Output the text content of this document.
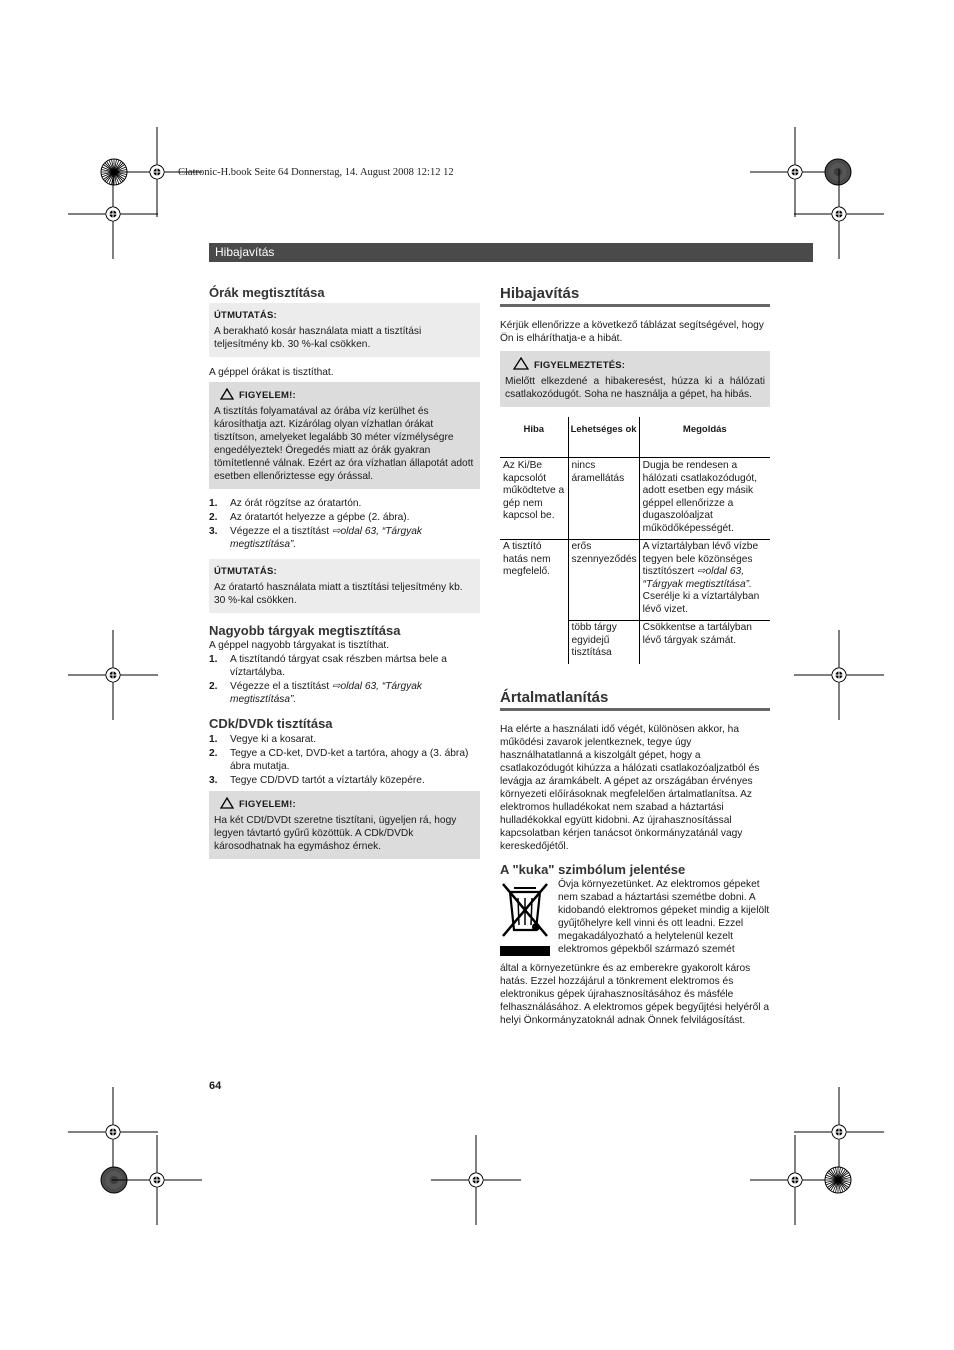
Clatronic-H.book Seite 64 Donnerstag, 14. August 2008 12:12 12
Hibajavítás
Órák megtisztítása
ÚTMUTATÁS:
A berakható kosár használata miatt a tisztítási teljesítmény kb. 30 %-kal csökken.

A géppel órákat is tisztíthat.

FIGYELEM!:
A tisztítás folyamatával az órába víz kerülhet és károsíthatja azt. Kizárólag olyan vízhatlan órákat tisztítson, amelyeket legalább 30 méter vízmélységre engedélyeztek! Öregedés miatt az órák gyakran tömítetlenné válnak. Ezért az óra vízhatlan állapotát adott esetben ellenőriztesse egy órással.
1. Az órát rögzítse az óratartón.
2. Az óratartót helyezze a gépbe (2. ábra).
3. Végezze el a tisztítást ⇨oldal 63, “Tárgyak megtisztítása”.
ÚTMUTATÁS:
Az óratartó használata miatt a tisztítási teljesítmény kb. 30 %-kal csökken.
Nagyobb tárgyak megtisztítása

A géppel nagyobb tárgyakat is tisztíthat.

1. A tisztítandó tárgyat csak részben mártsa bele a víztartályba.
2. Végezze el a tisztítást ⇨oldal 63, “Tárgyak megtisztítása”.
CDk/DVDk tisztítása
1. Vegye ki a kosarat.
2. Tegye a CD-ket, DVD-ket a tartóra, ahogy a (3. ábra) ábra mutatja.
3. Tegye CD/DVD tartót a víztartály közepére.
FIGYELEM!:
Ha két CDt/DVDt szeretne tisztítani, ügyeljen rá, hogy legyen távtartó gyűrű közöttük. A CDk/DVDk károsodhatnak ha egymáshoz érnek.
Hibajavítás

Kérjük ellenőrizze a következő táblázat segítségével, hogy Ön is elháríthatja-e a hibát.

FIGYELMEZTETÉS:
Mielőtt elkezdené a hibakeresést, húzza ki a hálózati csatlakozódugót. Soha ne használja a gépet, ha hibás.
Hiba	Lehetséges ok	Megoldás
Az Ki/Be kapcsolót működtetve a gép nem kapcsol be.	nincs áramellátás	Dugja be rendesen a hálózati csatlakozódugót, adott esetben egy másik géppel ellenőrizze a dugaszolóaljzat működőképességét.
A tisztító hatás nem megfelelő.	erős szennyeződés	A víztartályban lévő vízbe tegyen bele közönséges tisztítószert ⇨oldal 63, “Tárgyak megtisztítása”. Cserélje ki a víztartályban lévő vizet.
	több tárgy egyidejű tisztítása	Csökkentse a tartályban lévő tárgyak számát.
Ártalmatlanítás

Ha elérte a használati idő végét, különösen akkor, ha működési zavarok jelentkeznek, tegye úgy használhatatlanná a kiszolgált gépet, hogy a csatlakozódugót kihúzza a hálózati csatlakozóaljzatból és levágja az áramkábelt. A gépet az országában érvényes környezeti előírásoknak megfelelően ártalmatlanítsa. Az elektromos hulladékokat nem szabad a háztartási hulladékokkal együtt kidobni. Az újrahasznosítással kapcsolatban kérjen tanácsot önkormányzatánál vagy kereskedőjétől.

A "kuka" szimbólum jelentése

Óvja környezetünket. Az elektromos gépeket nem szabad a háztartási szemétbe dobni. A kidobandó elektromos gépeket mindig a kijelölt gyűjtőhelyre kell vinni és ott leadni. Ezzel megakadályozható a helytelenül kezelt elektromos gépekből származó szemét

által a környezetünkre és az emberekre gyakorolt káros hatás. Ezzel hozzájárul a tönkrement elektromos és elektronikus gépek újrahasznosításához és másféle felhasználásához. A elektromos gépek begyűjtési helyéről a helyi Önkormányzatoknál adnak Önnek felvilágosítást.

64
